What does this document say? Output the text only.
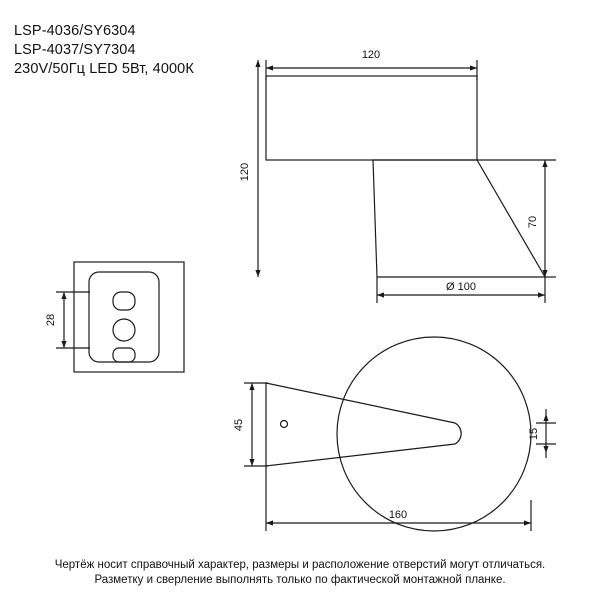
LSP-4036/SY6304
LSP-4037/SY7304
230V/50Гц LED 5Вт, 4000К
120
120
70
Ø 100
28
45
15
160
Чертёж носит справочный характер, размеры и расположение отверстий могут отличаться.
Разметку и сверление выполнять только по фактической монтажной планке.
